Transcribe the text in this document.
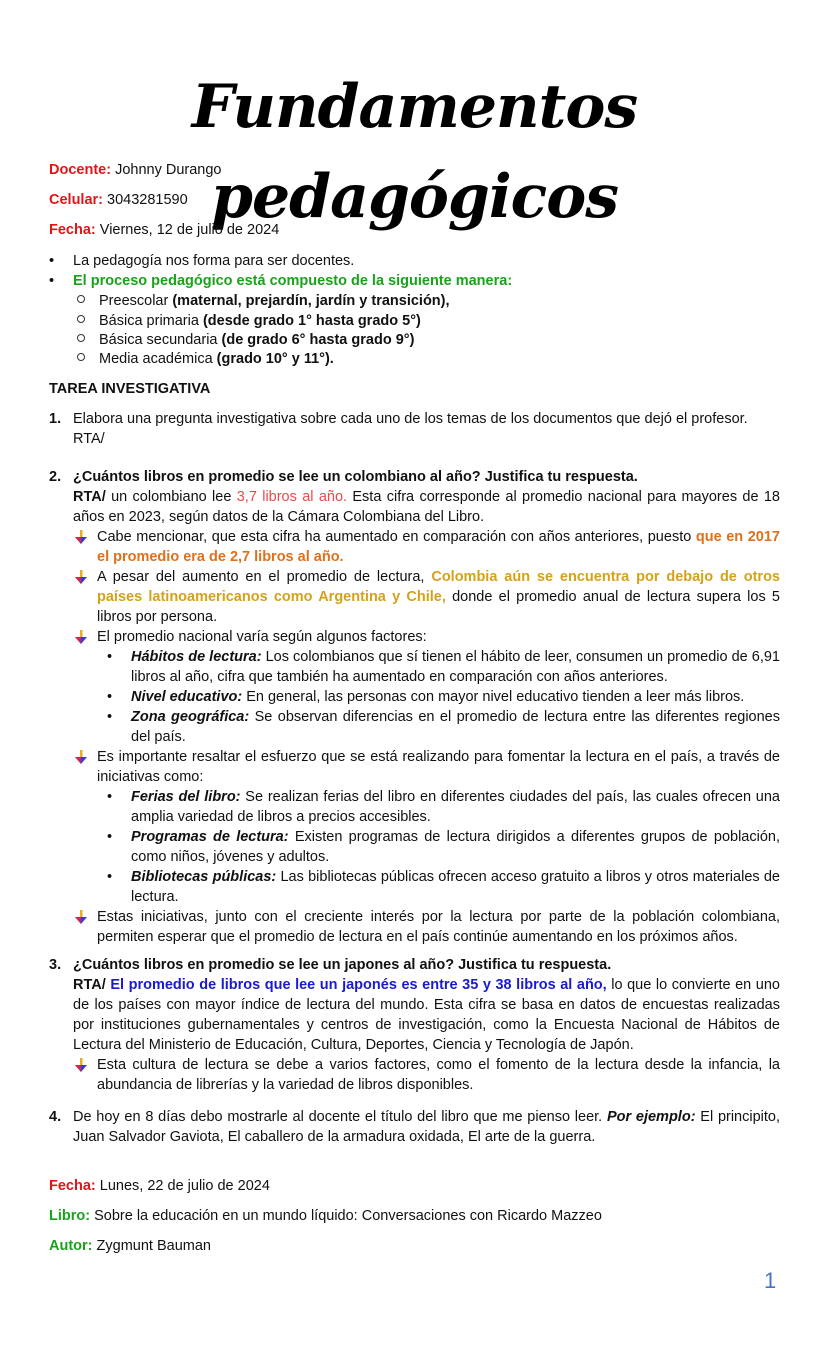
Fundamentos pedagógicos
Docente: Johnny Durango
Celular: 3043281590
Fecha: Viernes, 12 de julio de 2024
• La pedagogía nos forma para ser docentes.
• El proceso pedagógico está compuesto de la siguiente manera:
Preescolar (maternal, prejardín, jardín y transición),
Básica primaria (desde grado 1° hasta grado 5°)
Básica secundaria (de grado 6° hasta grado 9°)
Media académica (grado 10° y 11°).
TAREA INVESTIGATIVA
1. Elabora una pregunta investigativa sobre cada uno de los temas de los documentos que dejó el profesor.
RTA/
2. ¿Cuántos libros en promedio se lee un colombiano al año? Justifica tu respuesta.
RTA/ un colombiano lee 3,7 libros al año. Esta cifra corresponde al promedio nacional para mayores de 18 años en 2023, según datos de la Cámara Colombiana del Libro.
Cabe mencionar, que esta cifra ha aumentado en comparación con años anteriores, puesto que en 2017 el promedio era de 2,7 libros al año.
A pesar del aumento en el promedio de lectura, Colombia aún se encuentra por debajo de otros países latinoamericanos como Argentina y Chile, donde el promedio anual de lectura supera los 5 libros por persona.
El promedio nacional varía según algunos factores:
• Hábitos de lectura: Los colombianos que sí tienen el hábito de leer, consumen un promedio de 6,91 libros al año, cifra que también ha aumentado en comparación con años anteriores.
• Nivel educativo: En general, las personas con mayor nivel educativo tienden a leer más libros.
• Zona geográfica: Se observan diferencias en el promedio de lectura entre las diferentes regiones del país.
Es importante resaltar el esfuerzo que se está realizando para fomentar la lectura en el país, a través de iniciativas como:
• Ferias del libro: Se realizan ferias del libro en diferentes ciudades del país, las cuales ofrecen una amplia variedad de libros a precios accesibles.
• Programas de lectura: Existen programas de lectura dirigidos a diferentes grupos de población, como niños, jóvenes y adultos.
• Bibliotecas públicas: Las bibliotecas públicas ofrecen acceso gratuito a libros y otros materiales de lectura.
Estas iniciativas, junto con el creciente interés por la lectura por parte de la población colombiana, permiten esperar que el promedio de lectura en el país continúe aumentando en los próximos años.
3. ¿Cuántos libros en promedio se lee un japones al año? Justifica tu respuesta.
RTA/ El promedio de libros que lee un japonés es entre 35 y 38 libros al año, lo que lo convierte en uno de los países con mayor índice de lectura del mundo. Esta cifra se basa en datos de encuestas realizadas por instituciones gubernamentales y centros de investigación, como la Encuesta Nacional de Hábitos de Lectura del Ministerio de Educación, Cultura, Deportes, Ciencia y Tecnología de Japón.
Esta cultura de lectura se debe a varios factores, como el fomento de la lectura desde la infancia, la abundancia de librerías y la variedad de libros disponibles.
4. De hoy en 8 días debo mostrarle al docente el título del libro que me pienso leer. Por ejemplo: El principito, Juan Salvador Gaviota, El caballero de la armadura oxidada, El arte de la guerra.
Fecha: Lunes, 22 de julio de 2024
Libro: Sobre la educación en un mundo líquido: Conversaciones con Ricardo Mazzeo
Autor: Zygmunt Bauman
1
